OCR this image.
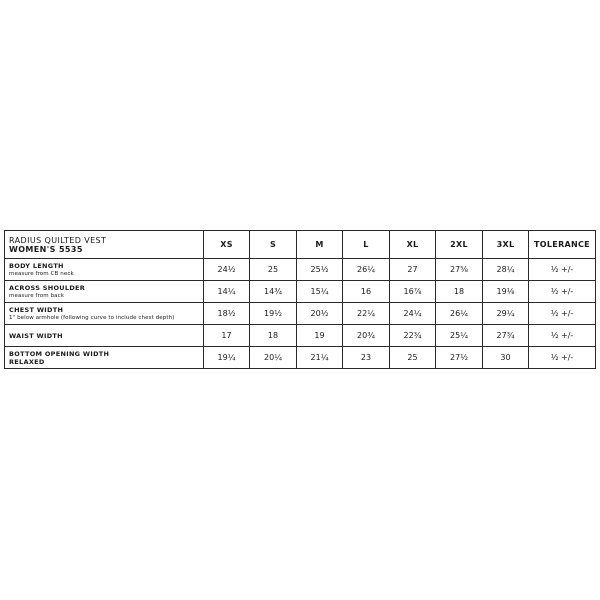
RADIUS QUILTED VEST
WOMEN'S 5535	XS	S	M	L	XL	2XL	3XL	TOLERANCE

BODY LENGTH
measure from CB neck	24½	25	25½	26¼	27	27⅝	28¼	½ +/-

ACROSS SHOULDER
measure from back	14¼	14¾	15¼	16	16⅞	18	19⅛	½ +/-

CHEST WIDTH
1" below armhole (following curve to include chest depth)	18½	19½	20½	22¼	24¼	26¼	29¼	½ +/-

WAIST WIDTH	17	18	19	20¾	22¾	25¼	27¾	½ +/-

BOTTOM OPENING WIDTH
RELAXED	19¼	20¼	21¼	23	25	27½	30	½ +/-
